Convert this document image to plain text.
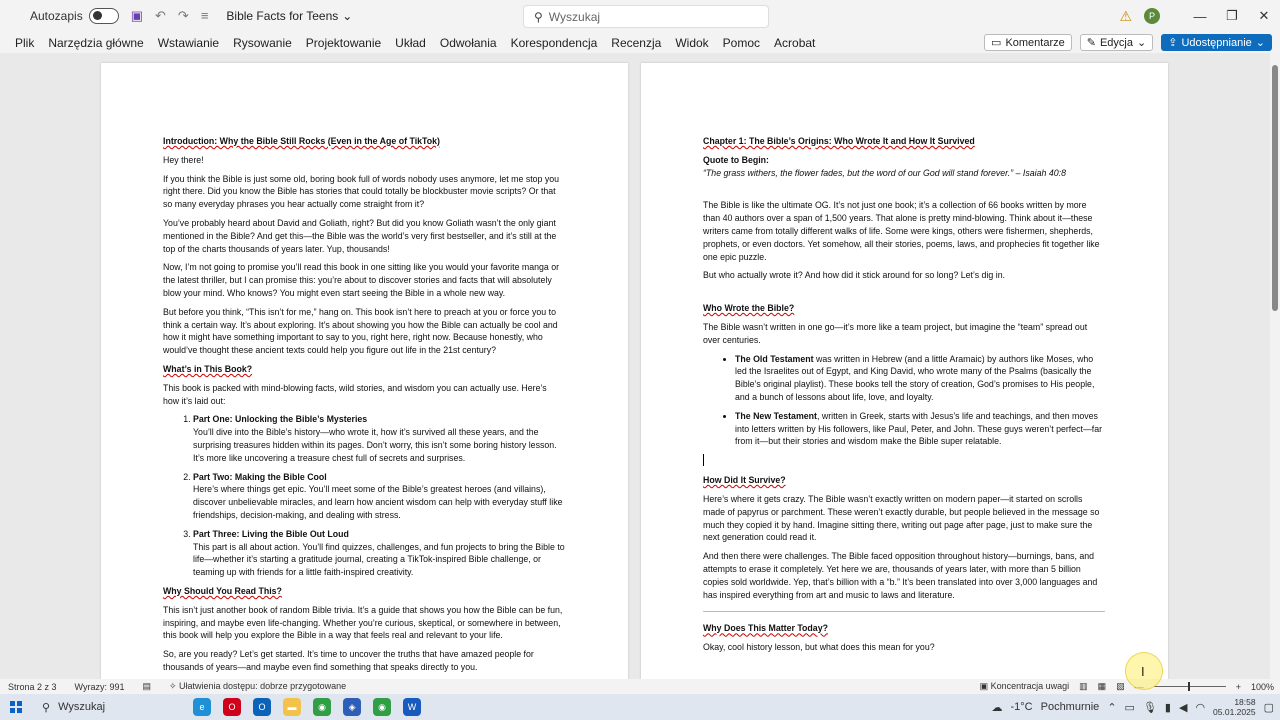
Autozapis	▣ ↶ ↷ ≡ Bible Facts for Teens ⌄	⚲ Wyszukaj	⚠	P	—	❐	✕
Plik	Narzędzia główne	Wstawianie	Rysowanie	Projektowanie	Układ	Odwołania	Korespondencja	Recenzja	Widok	Pomoc	Acrobat	▭ Komentarze ✎ Edycja ⌄ ⇪ Udostępnianie ⌄
Introduction: Why the Bible Still Rocks (Even in the Age of TikTok)

Hey there!

If you think the Bible is just some old, boring book full of words nobody uses anymore, let me stop you right there. Did you know the Bible has stories that could totally be blockbuster movie scripts? Or that so many everyday phrases you hear actually come straight from it?

You’ve probably heard about David and Goliath, right? But did you know Goliath wasn’t the only giant mentioned in the Bible? And get this—the Bible was the world’s very first bestseller, and it’s still at the top of the charts thousands of years later. Yup, thousands!

Now, I’m not going to promise you’ll read this book in one sitting like you would your favorite manga or the latest thriller, but I can promise this: you’re about to discover stories and facts that will absolutely blow your mind. Who knows? You might even start seeing the Bible in a whole new way.

But before you think, “This isn’t for me,” hang on. This book isn’t here to preach at you or force you to think a certain way. It’s about exploring. It’s about showing you how the Bible can actually be cool and how it might have something important to say to you, right here, right now. Because honestly, who would’ve thought these ancient texts could help you figure out life in the 21st century?

What’s in This Book?

This book is packed with mind-blowing facts, wild stories, and wisdom you can actually use. Here’s how it’s laid out:

1. Part One: Unlocking the Bible’s Mysteries
You’ll dive into the Bible’s history—who wrote it, how it’s survived all these years, and the surprising treasures hidden within its pages. Don’t worry, this isn’t some boring history lesson. It’s more like uncovering a treasure chest full of secrets and surprises.
2. Part Two: Making the Bible Cool
Here’s where things get epic. You’ll meet some of the Bible’s greatest heroes (and villains), discover unbelievable miracles, and learn how ancient wisdom can help with everyday stuff like friendships, decision-making, and dealing with stress.
3. Part Three: Living the Bible Out Loud
This part is all about action. You’ll find quizzes, challenges, and fun projects to bring the Bible to life—whether it’s starting a gratitude journal, creating a TikTok-inspired Bible challenge, or teaming up with friends for a little faith-inspired creativity.
Why Should You Read This?

This isn’t just another book of random Bible trivia. It’s a guide that shows you how the Bible can be fun, inspiring, and maybe even life-changing. Whether you’re curious, skeptical, or somewhere in between, this book will help you explore the Bible in a way that feels real and relevant to your life.

So, are you ready? Let’s get started. It’s time to uncover the truths that have amazed people for thousands of years—and maybe even find something that speaks directly to you.

Chapter 1: The Bible’s Origins: Who Wrote It and How It Survived

Quote to Begin:

“The grass withers, the flower fades, but the word of our God will stand forever.” – Isaiah 40:8

The Bible is like the ultimate OG. It’s not just one book; it’s a collection of 66 books written by more than 40 authors over a span of 1,500 years. That alone is pretty mind-blowing. Think about it—these writers came from totally different walks of life. Some were kings, others were fishermen, shepherds, prophets, or even doctors. Yet somehow, all their stories, poems, laws, and prophecies fit together like one epic puzzle.

But who actually wrote it? And how did it stick around for so long? Let’s dig in.

Who Wrote the Bible?

The Bible wasn’t written in one go—it’s more like a team project, but imagine the “team” spread out over centuries.

• The Old Testament was written in Hebrew (and a little Aramaic) by authors like Moses, who led the Israelites out of Egypt, and King David, who wrote many of the Psalms (basically the Bible’s original playlist). These books tell the story of creation, God’s promises to His people, and a bunch of lessons about life, love, and loyalty.
• The New Testament, written in Greek, starts with Jesus’s life and teachings, and then moves into letters written by His followers, like Paul, Peter, and John. These guys weren’t perfect—far from it—but their stories and wisdom make the Bible super relatable.
How Did It Survive?

Here’s where it gets crazy. The Bible wasn’t exactly written on modern paper—it started on scrolls made of papyrus or parchment. These weren’t exactly durable, but people believed in the message so much they copied it by hand. Imagine sitting there, writing out page after page, just to make sure the next generation could read it.

And then there were challenges. The Bible faced opposition throughout history—burnings, bans, and attempts to erase it completely. Yet here we are, thousands of years later, with more than 5 billion copies sold worldwide. Yep, that’s billion with a “b.” It’s been translated into over 3,000 languages and has inspired everything from art and music to laws and literature.

Why Does This Matter Today?

Okay, cool history lesson, but what does this mean for you?

Strona 2 z 3 Wyrazy: 991 ▤ ✧ Ułatwienia dostępu: dobrze przygotowane	▣ Koncentracja uwagi ▥ ▦ ▧	+ 100%
⚲ Wyszukaj	e	O	O	▬	◉	◈	◉	W	☁ -1°C Pochmurnie ⌃ ▭ 🎙 ▮ ◀ ◠	18:58
05.01.2025 ▢
I
